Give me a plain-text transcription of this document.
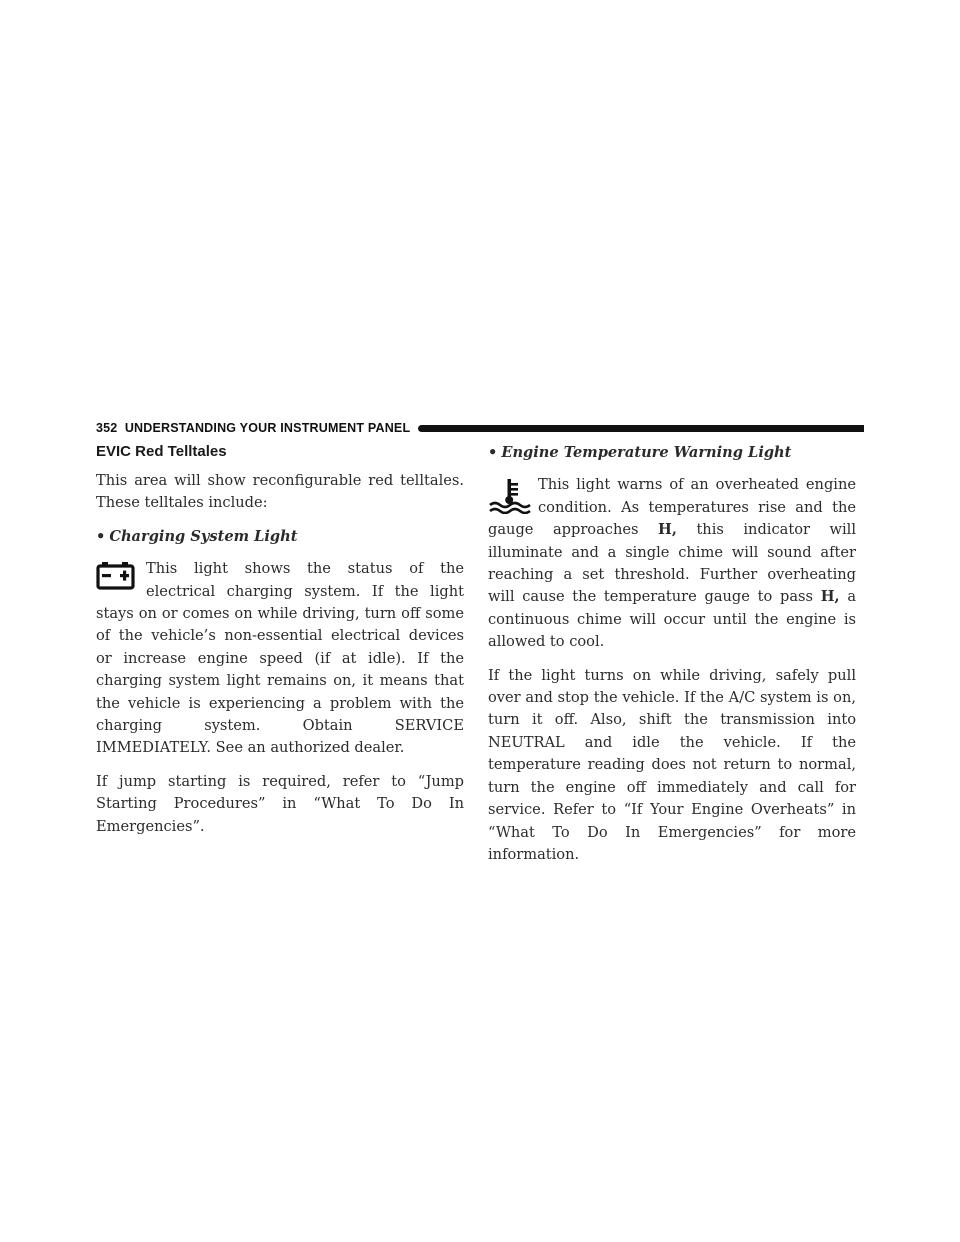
352 UNDERSTANDING YOUR INSTRUMENT PANEL
EVIC Red Telltales

This area will show reconfigurable red telltales. These telltales include:

• Charging System Light
This light shows the status of the electrical charging system. If the light stays on or comes on while driving, turn off some of the vehicle’s non-essential electrical devices or increase engine speed (if at idle). If the charging system light remains on, it means that the vehicle is experiencing a problem with the charging system. Obtain SERVICE IMMEDIATELY. See an authorized dealer.

If jump starting is required, refer to “Jump Starting Procedures” in “What To Do In Emergencies”.

• Engine Temperature Warning Light
This light warns of an overheated engine condition. As temperatures rise and the gauge approaches H, this indicator will illuminate and a single chime will sound after reaching a set threshold. Further overheating will cause the temperature gauge to pass H, a continuous chime will occur until the engine is allowed to cool.

If the light turns on while driving, safely pull over and stop the vehicle. If the A/C system is on, turn it off. Also, shift the transmission into NEUTRAL and idle the vehicle. If the temperature reading does not return to normal, turn the engine off immediately and call for service. Refer to “If Your Engine Overheats” in “What To Do In Emergencies” for more information.
